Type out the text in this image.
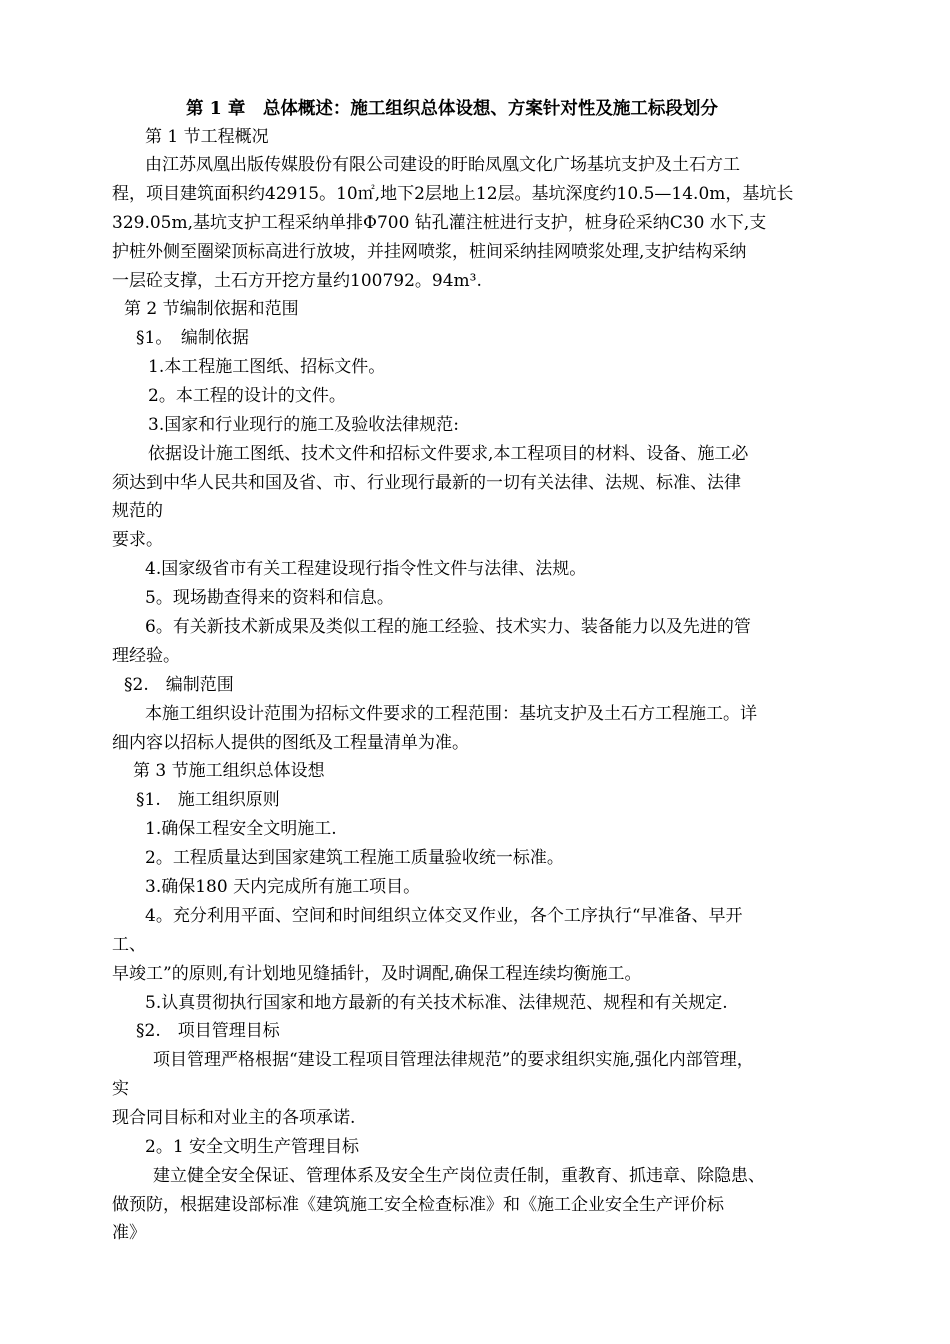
第 1 章　总体概述：施工组织总体设想、方案针对性及施工标段划分
第 1 节工程概况
由江苏凤凰出版传媒股份有限公司建设的盱眙凤凰文化广场基坑支护及土石方工
程，项目建筑面积约42915。10㎡,地下2层地上12层。基坑深度约10.5—14.0m，基坑长
329.05m,基坑支护工程采纳单排Φ700 钻孔灌注桩进行支护，桩身砼采纳C30 水下,支
护桩外侧至圈梁顶标高进行放坡，并挂网喷浆，桩间采纳挂网喷浆处理,支护结构采纳
一层砼支撑，土石方开挖方量约100792。94m³.
第 2 节编制依据和范围
§1。　编制依据
1.本工程施工图纸、招标文件。
2。本工程的设计的文件。
3.国家和行业现行的施工及验收法律规范:
依据设计施工图纸、技术文件和招标文件要求,本工程项目的材料、设备、施工必
须达到中华人民共和国及省、市、行业现行最新的一切有关法律、法规、标准、法律
规范的
要求。
4.国家级省市有关工程建设现行指令性文件与法律、法规。
5。现场勘查得来的资料和信息。
6。有关新技术新成果及类似工程的施工经验、技术实力、装备能力以及先进的管
理经验。
§2.　编制范围
本施工组织设计范围为招标文件要求的工程范围：基坑支护及土石方工程施工。详
细内容以招标人提供的图纸及工程量清单为准。
第 3 节施工组织总体设想
§1.　施工组织原则
1.确保工程安全文明施工.
2。工程质量达到国家建筑工程施工质量验收统一标准。
3.确保180 天内完成所有施工项目。
4。充分利用平面、空间和时间组织立体交叉作业，各个工序执行“早准备、早开
工、
早竣工”的原则,有计划地见缝插针，及时调配,确保工程连续均衡施工。
5.认真贯彻执行国家和地方最新的有关技术标准、法律规范、规程和有关规定.
§2.　项目管理目标
项目管理严格根据“建设工程项目管理法律规范”的要求组织实施,强化内部管理，
实
现合同目标和对业主的各项承诺.
2。1 安全文明生产管理目标
建立健全安全保证、管理体系及安全生产岗位责任制，重教育、抓违章、除隐患、
做预防，根据建设部标准《建筑施工安全检查标准》和《施工企业安全生产评价标
准》
